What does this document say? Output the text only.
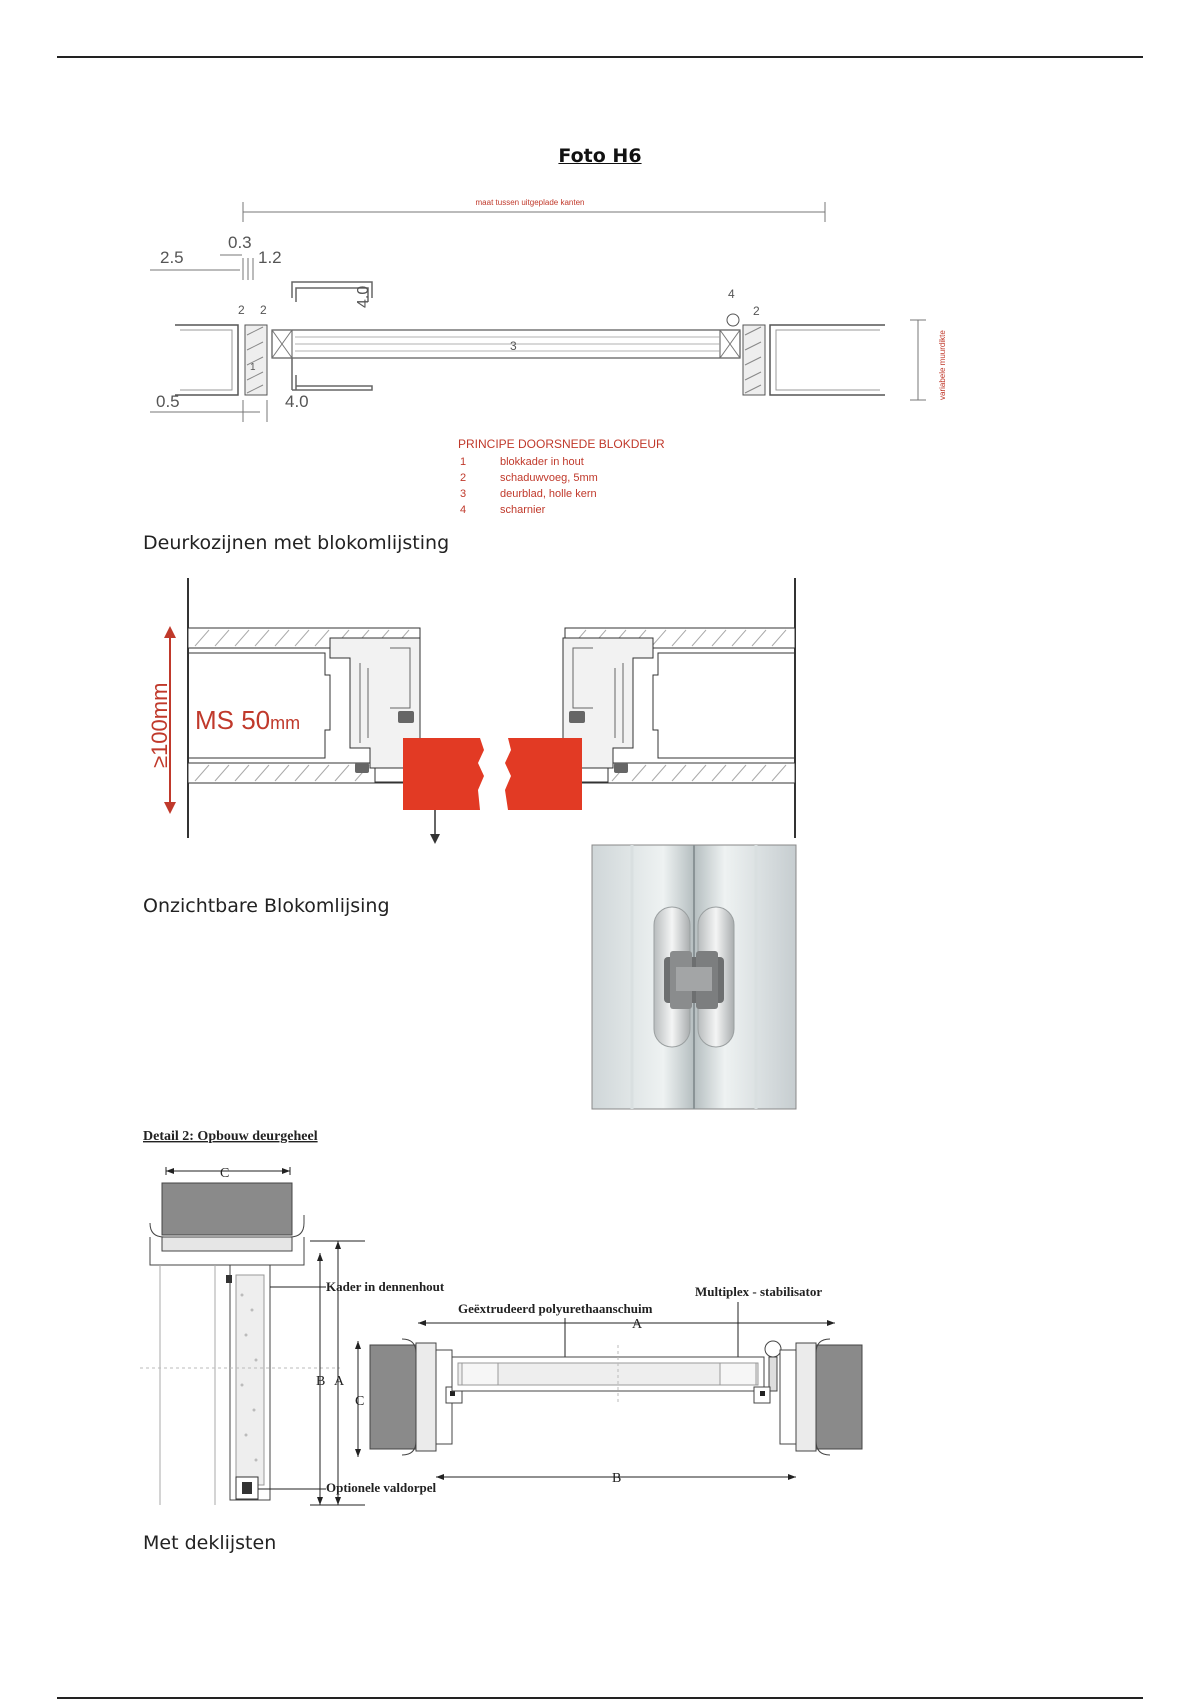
Foto H6
maat tussen uitgeplade kanten
2.5
0.3
1.2
2 2
1
3
4.0	4
2
variabele muurdikte
0.5	4.0
PRINCIPE DOORSNEDE BLOKDEUR
1	blokkader in hout
2	schaduwvoeg, 5mm
3	deurblad, holle kern
4	scharnier
Deurkozijnen met blokomlijsting
≥100mm MS 50mm
Onzichtbare Blokomlijsing
Detail 2: Opbouw deurgeheel
C
B A
C
Kader in dennenhout
Optionele valdorpel
Geëxtrudeerd polyurethaanschuim
Multiplex - stabilisator
A
B
Met deklijsten
